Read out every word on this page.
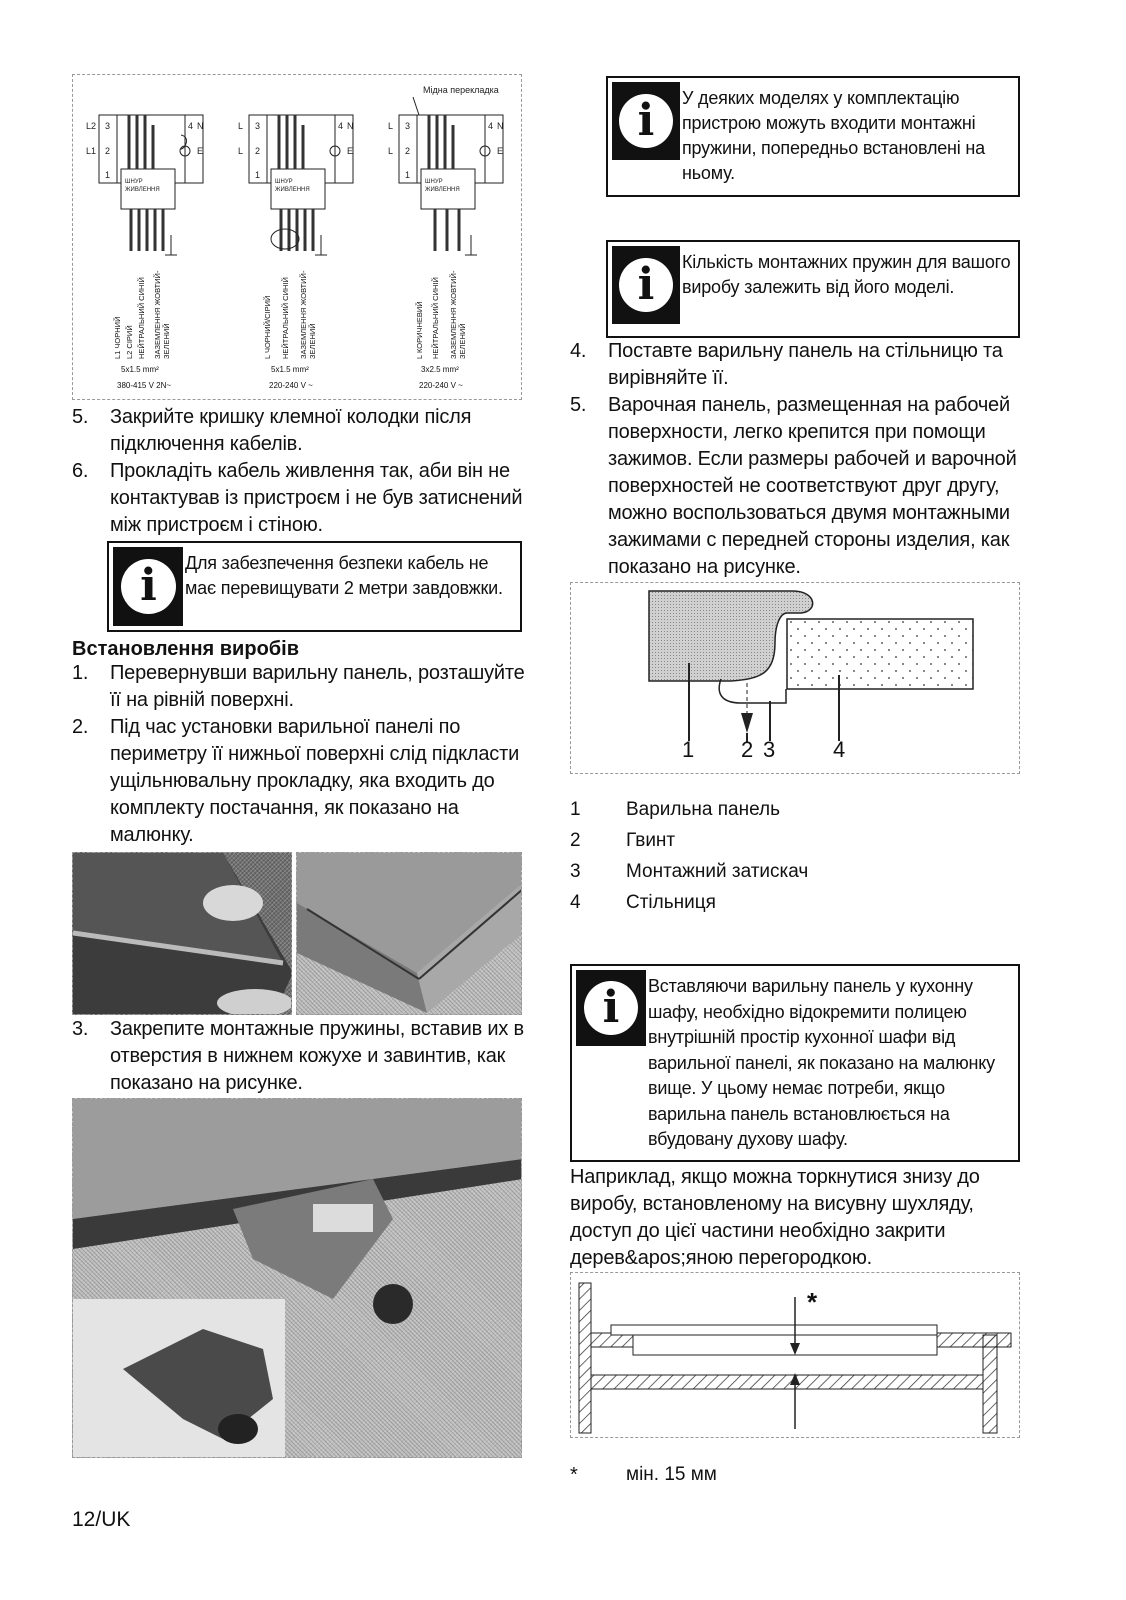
Мідна перекладка
L2 3
L1 2
1
4 N
E
ШНУР
ЖИВЛЕННЯ
L 3
L 2
1
4 N
E
ШНУР
ЖИВЛЕННЯ
L 3
L 2
1
4 N
E
ШНУР
ЖИВЛЕННЯ
L1 ЧОРНИЙ L2 СІРИЙ НЕЙТРАЛЬНИЙ СИНІЙ ЗАЗЕМЛЕННЯ ЖОВТИЙ-ЗЕЛЕНИЙ	L ЧОРНИЙ/СІРИЙ НЕЙТРАЛЬНИЙ СИНІЙ ЗАЗЕМЛЕННЯ ЖОВТИЙ-ЗЕЛЕНИЙ	L КОРИЧНЕВИЙ НЕЙТРАЛЬНИЙ СИНІЙ ЗАЗЕМЛЕННЯ ЖОВТИЙ-ЗЕЛЕНИЙ
5x1.5 mm²
380-415 V 2N~
5x1.5 mm²
220-240 V ~
3x2.5 mm²
220-240 V ~
5. Закрийте кришку клемної колодки після підключення кабелів.
6. Прокладіть кабель живлення так, аби він не контактував із пристроєм і не був затиснений між пристроєм і стіною.
i	Для забезпечення безпеки кабель не має перевищувати 2 метри завдовжки.
Встановлення виробів
1. Перевернувши варильну панель, розташуйте її на рівній поверхні.
2. Під час установки варильної панелі по периметру її нижньої поверхні слід підкласти ущільнювальну прокладку, яка входить до комплекту постачання, як показано на малюнку.
3. Закрепите монтажные пружины, вставив их в отверстия в нижнем кожухе и завинтив, как показано на рисунке.
i	У деяких моделях у комплектацію пристрою можуть входити монтажні пружини, попередньо встановлені на ньому.
i	Кількість монтажних пружин для вашого виробу залежить від його моделі.
4. Поставте варильну панель на стільницю та вирівняйте її.
5. Варочная панель, размещенная на рабочей поверхности, легко крепится при помощи зажимов. Если размеры рабочей и варочной поверхностей не соответствуют друг другу, можно воспользоваться двумя монтажными зажимами с передней стороны изделия, как показано на рисунке.
1 2 3	4
1 Варильна панель
2 Гвинт
3 Монтажний затискач
4 Стільниця
i	Вставляючи варильну панель у кухонну шафу, необхідно відокремити полицею внутрішній простір кухонної шафи від варильної панелі, як показано на малюнку вище. У цьому немає потреби, якщо варильна панель встановлюється на вбудовану духову шафу.
Наприклад, якщо можна торкнутися знизу до виробу, встановленому на висувну шухляду, доступ до цієї частини необхідно закрити дерев&apos;яною перегородкою.
*
*	мін. 15 мм
12/UK
